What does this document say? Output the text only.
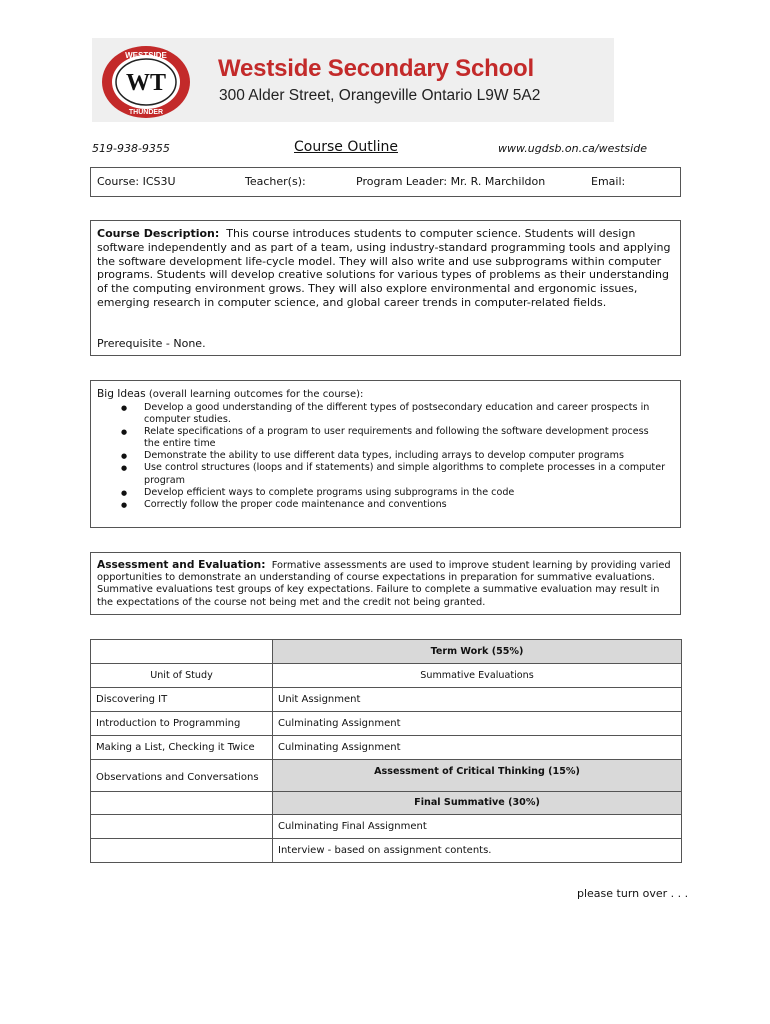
WESTSIDE
WT
THUNDER
Westside Secondary School
300 Alder Street, Orangeville Ontario L9W 5A2
519-938-9355	Course Outline	www.ugdsb.on.ca/westside
Course: ICS3U	Teacher(s):	Program Leader: Mr. R. Marchildon	Email:
Course Description: This course introduces students to computer science. Students will design software independently and as part of a team, using industry-standard programming tools and applying the software development life-cycle model. They will also write and use subprograms within computer programs. Students will develop creative solutions for various types of problems as their understanding of the computing environment grows. They will also explore environmental and ergonomic issues, emerging research in computer science, and global career trends in computer-related fields.
Prerequisite - None.
Big Ideas (overall learning outcomes for the course):
● Develop a good understanding of the different types of postsecondary education and career prospects in computer studies.
● Relate specifications of a program to user requirements and following the software development process the entire time
● Demonstrate the ability to use different data types, including arrays to develop computer programs
● Use control structures (loops and if statements) and simple algorithms to complete processes in a computer program
● Develop efficient ways to complete programs using subprograms in the code
● Correctly follow the proper code maintenance and conventions
Assessment and Evaluation: Formative assessments are used to improve student learning by providing varied opportunities to demonstrate an understanding of course expectations in preparation for summative evaluations. Summative evaluations test groups of key expectations. Failure to complete a summative evaluation may result in the expectations of the course not being met and the credit not being granted.
	Term Work (55%)
Unit of Study	Summative Evaluations
Discovering IT	Unit Assignment
Introduction to Programming	Culminating Assignment
Making a List, Checking it Twice	Culminating Assignment
Observations and Conversations	Assessment of Critical Thinking (15%)
	Final Summative (30%)
	Culminating Final Assignment
	Interview - based on assignment contents.
please turn over . . .
